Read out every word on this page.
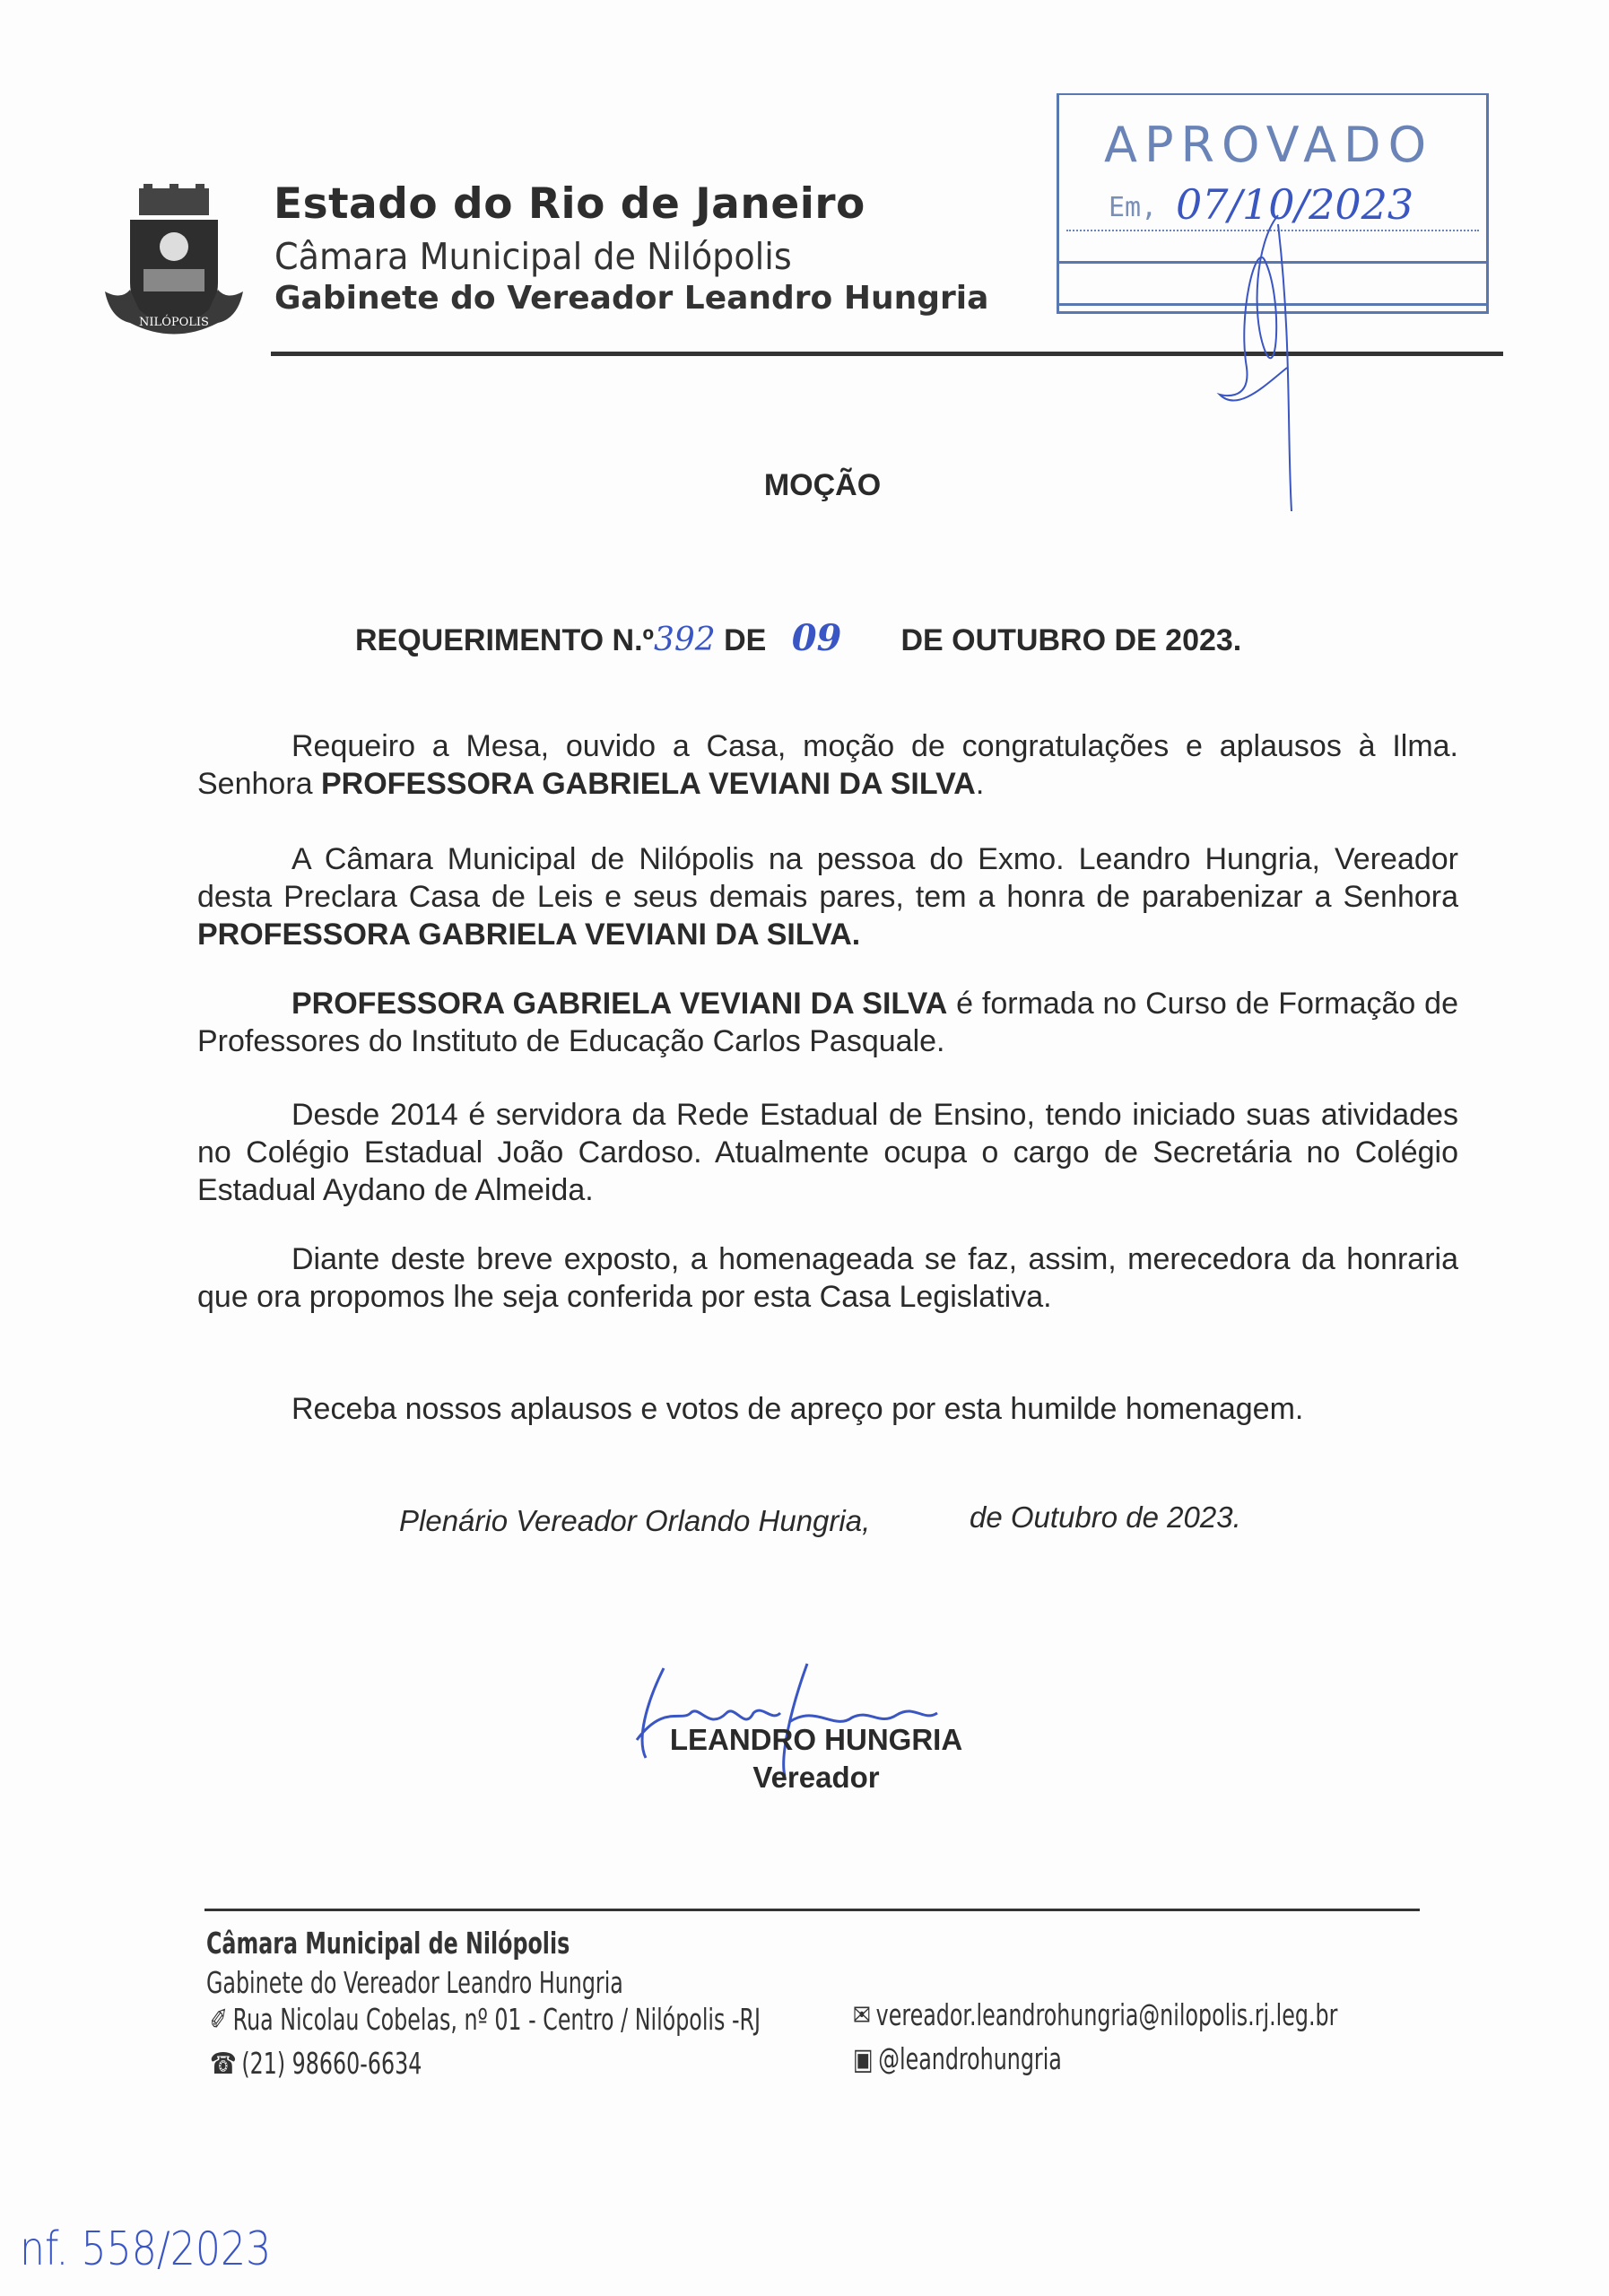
NILÓPOLIS
Estado do Rio de Janeiro
Câmara Municipal de Nilópolis
Gabinete do Vereador Leandro Hungria
APROVADO
Em, 07/10/2023
MOÇÃO
REQUERIMENTO N.º392 DE 09 DE OUTUBRO DE 2023.
Requeiro a Mesa, ouvido a Casa, moção de congratulações e aplausos à Ilma. Senhora PROFESSORA GABRIELA VEVIANI DA SILVA.
A Câmara Municipal de Nilópolis na pessoa do Exmo. Leandro Hungria, Vereador desta Preclara Casa de Leis e seus demais pares, tem a honra de parabenizar a Senhora PROFESSORA GABRIELA VEVIANI DA SILVA.
PROFESSORA GABRIELA VEVIANI DA SILVA é formada no Curso de Formação de Professores do Instituto de Educação Carlos Pasquale.
Desde 2014 é servidora da Rede Estadual de Ensino, tendo iniciado suas atividades no Colégio Estadual João Cardoso. Atualmente ocupa o cargo de Secretária no Colégio Estadual Aydano de Almeida.
Diante deste breve exposto, a homenageada se faz, assim, merecedora da honraria que ora propomos lhe seja conferida por esta Casa Legislativa.
Receba nossos aplausos e votos de apreço por esta humilde homenagem.
Plenário Vereador Orlando Hungria,	de Outubro de 2023.
LEANDRO HUNGRIA
Vereador
Câmara Municipal de Nilópolis
Gabinete do Vereador Leandro Hungria
✐ Rua Nicolau Cobelas, nº 01 - Centro / Nilópolis -RJ
☎ (21) 98660-6634
✉ vereador.leandrohungria@nilopolis.rj.leg.br
▣ @leandrohungria
nf. 558/2023
